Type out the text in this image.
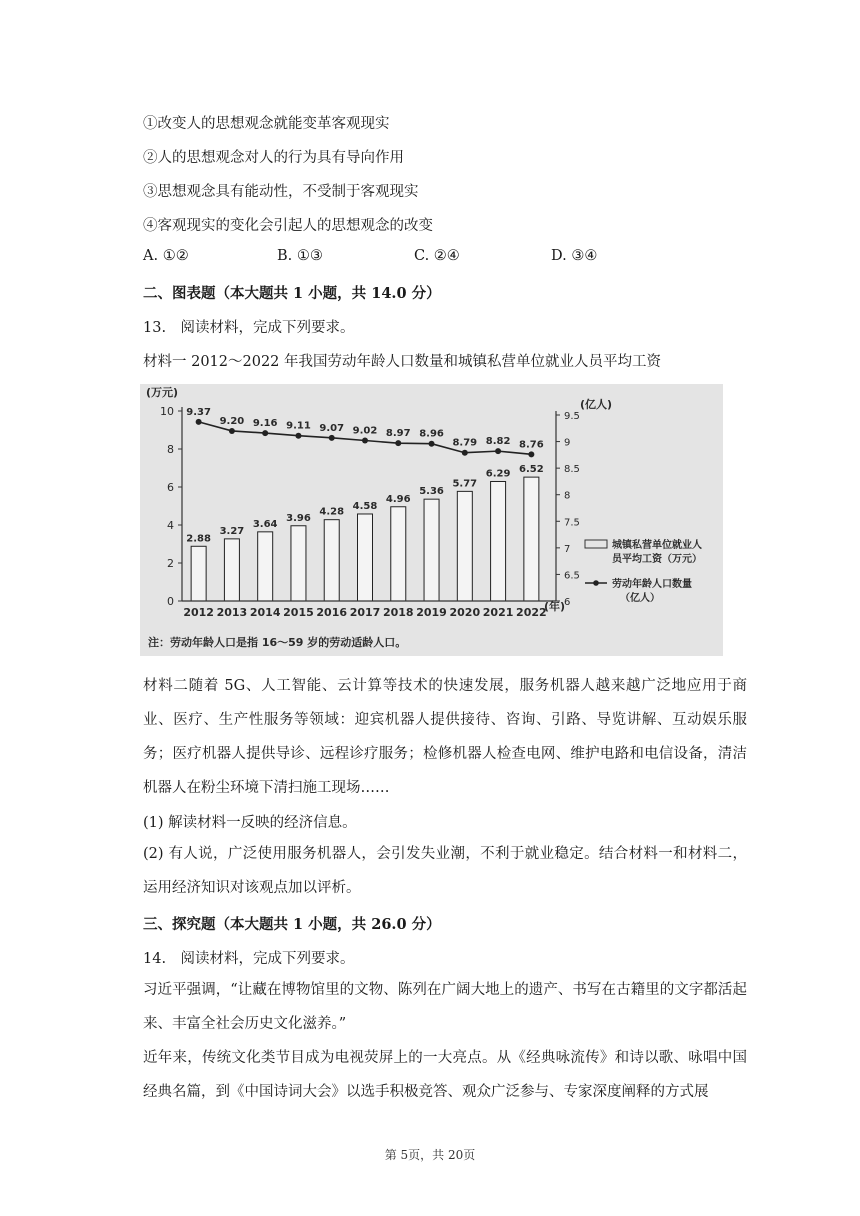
①改变人的思想观念就能变革客观现实
②人的思想观念对人的行为具有导向作用
③思想观念具有能动性，不受制于客观现实
④客观现实的变化会引起人的思想观念的改变
A. ①②	B. ①③	C. ②④	D. ③④
二、图表题（本大题共 1 小题，共 14.0 分）
13.　阅读材料，完成下列要求。
材料一 2012～2022 年我国劳动年龄人口数量和城镇私营单位就业人员平均工资
(万元)
(亿人)
0
2
4
6
8
10
6
6.5
7
7.5
8
8.5
9
9.5
2.88
3.27
3.64
3.96
4.28
4.58
4.96
5.36
5.77
6.29 6.52
9.37
9.20 9.16 9.11 9.07 9.02 8.97 8.96
8.79 8.82 8.76
2012 2013 2014 2015 2016 2017 2018 2019 2020 2021 2022
(年)
城镇私营单位就业人
员平均工资（万元）
劳动年龄人口数量
（亿人）
注：劳动年龄人口是指 16～59 岁的劳动适龄人口。
材料二随着 5G、人工智能、云计算等技术的快速发展，服务机器人越来越广泛地应用于商业、医疗、生产性服务等领域：迎宾机器人提供接待、咨询、引路、导览讲解、互动娱乐服务；医疗机器人提供导诊、远程诊疗服务；检修机器人检查电网、维护电路和电信设备，清洁机器人在粉尘环境下清扫施工现场……
(1) 解读材料一反映的经济信息。
(2) 有人说，广泛使用服务机器人，会引发失业潮，不利于就业稳定。结合材料一和材料二，运用经济知识对该观点加以评析。
三、探究题（本大题共 1 小题，共 26.0 分）
14.　阅读材料，完成下列要求。
习近平强调，“让藏在博物馆里的文物、陈列在广阔大地上的遗产、书写在古籍里的文字都活起来、丰富全社会历史文化滋养。”
近年来，传统文化类节目成为电视荧屏上的一大亮点。从《经典咏流传》和诗以歌、咏唱中国经典名篇，到《中国诗词大会》以选手积极竞答、观众广泛参与、专家深度阐释的方式展
第 5页，共 20页
